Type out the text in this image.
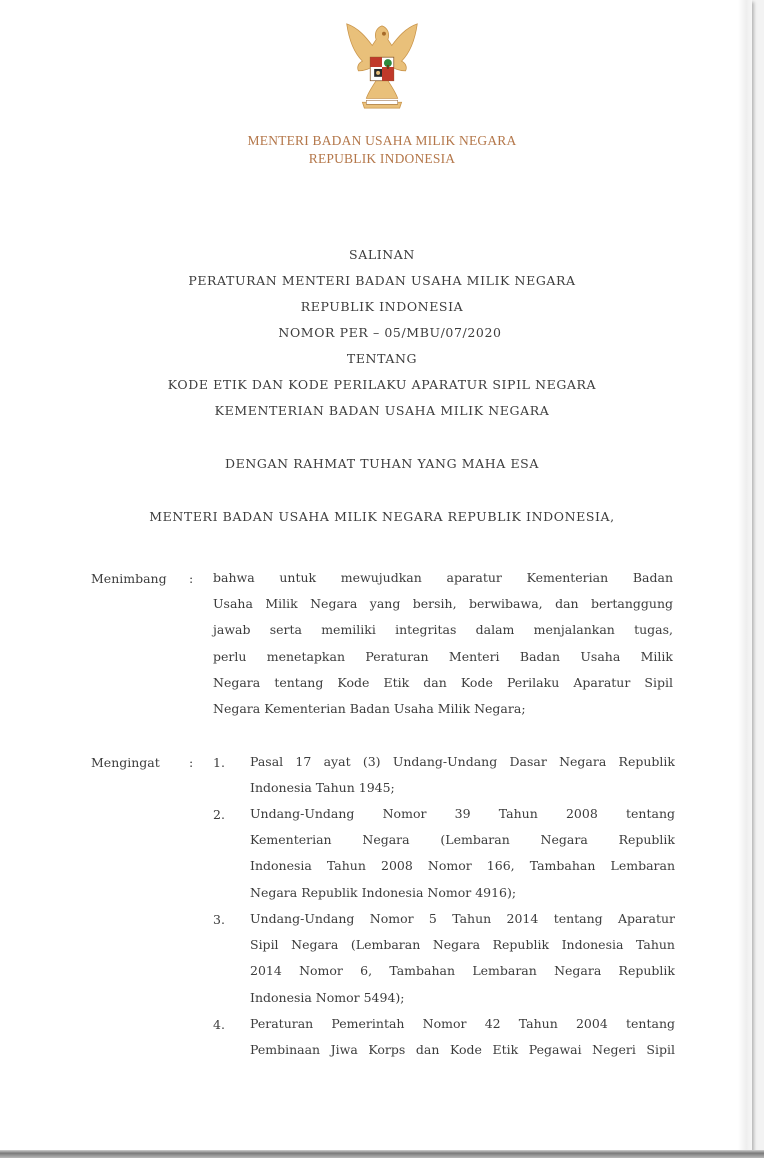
MENTERI BADAN USAHA MILIK NEGARA
REPUBLIK INDONESIA
SALINAN
PERATURAN MENTERI BADAN USAHA MILIK NEGARA
REPUBLIK INDONESIA
NOMOR PER – 05/MBU/07/2020
TENTANG
KODE ETIK DAN KODE PERILAKU APARATUR SIPIL NEGARA
KEMENTERIAN BADAN USAHA MILIK NEGARA
DENGAN RAHMAT TUHAN YANG MAHA ESA
MENTERI BADAN USAHA MILIK NEGARA REPUBLIK INDONESIA,
Menimbang : bahwa untuk mewujudkan aparatur Kementerian Badan
Usaha Milik Negara yang bersih, berwibawa, dan bertanggung
jawab serta memiliki integritas dalam menjalankan tugas,
perlu menetapkan Peraturan Menteri Badan Usaha Milik
Negara tentang Kode Etik dan Kode Perilaku Aparatur Sipil
Negara Kementerian Badan Usaha Milik Negara;
Mengingat : 1.	Pasal 17 ayat (3) Undang-Undang Dasar Negara Republik
Indonesia Tahun 1945;
2.	Undang-Undang Nomor 39 Tahun 2008 tentang
Kementerian Negara (Lembaran Negara Republik
Indonesia Tahun 2008 Nomor 166, Tambahan Lembaran
Negara Republik Indonesia Nomor 4916);
3.	Undang-Undang Nomor 5 Tahun 2014 tentang Aparatur
Sipil Negara (Lembaran Negara Republik Indonesia Tahun
2014 Nomor 6, Tambahan Lembaran Negara Republik
Indonesia Nomor 5494);
4.	Peraturan Pemerintah Nomor 42 Tahun 2004 tentang
Pembinaan Jiwa Korps dan Kode Etik Pegawai Negeri Sipil
